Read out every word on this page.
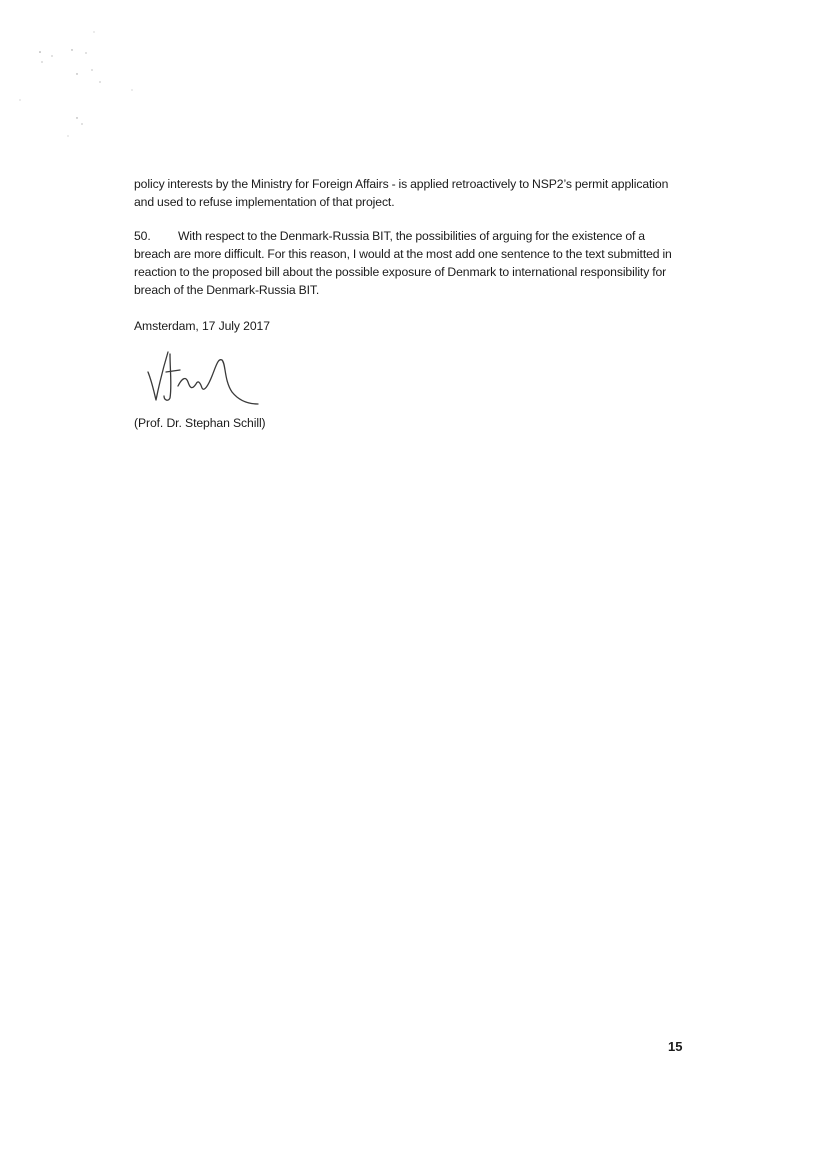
policy interests by the Ministry for Foreign Affairs - is applied retroactively to NSP2’s permit application and used to refuse implementation of that project.

50. With respect to the Denmark-Russia BIT, the possibilities of arguing for the existence of a breach are more difficult. For this reason, I would at the most add one sentence to the text submitted in reaction to the proposed bill about the possible exposure of Denmark to international responsibility for breach of the Denmark-Russia BIT.

Amsterdam, 17 July 2017
(Prof. Dr. Stephan Schill)
15
